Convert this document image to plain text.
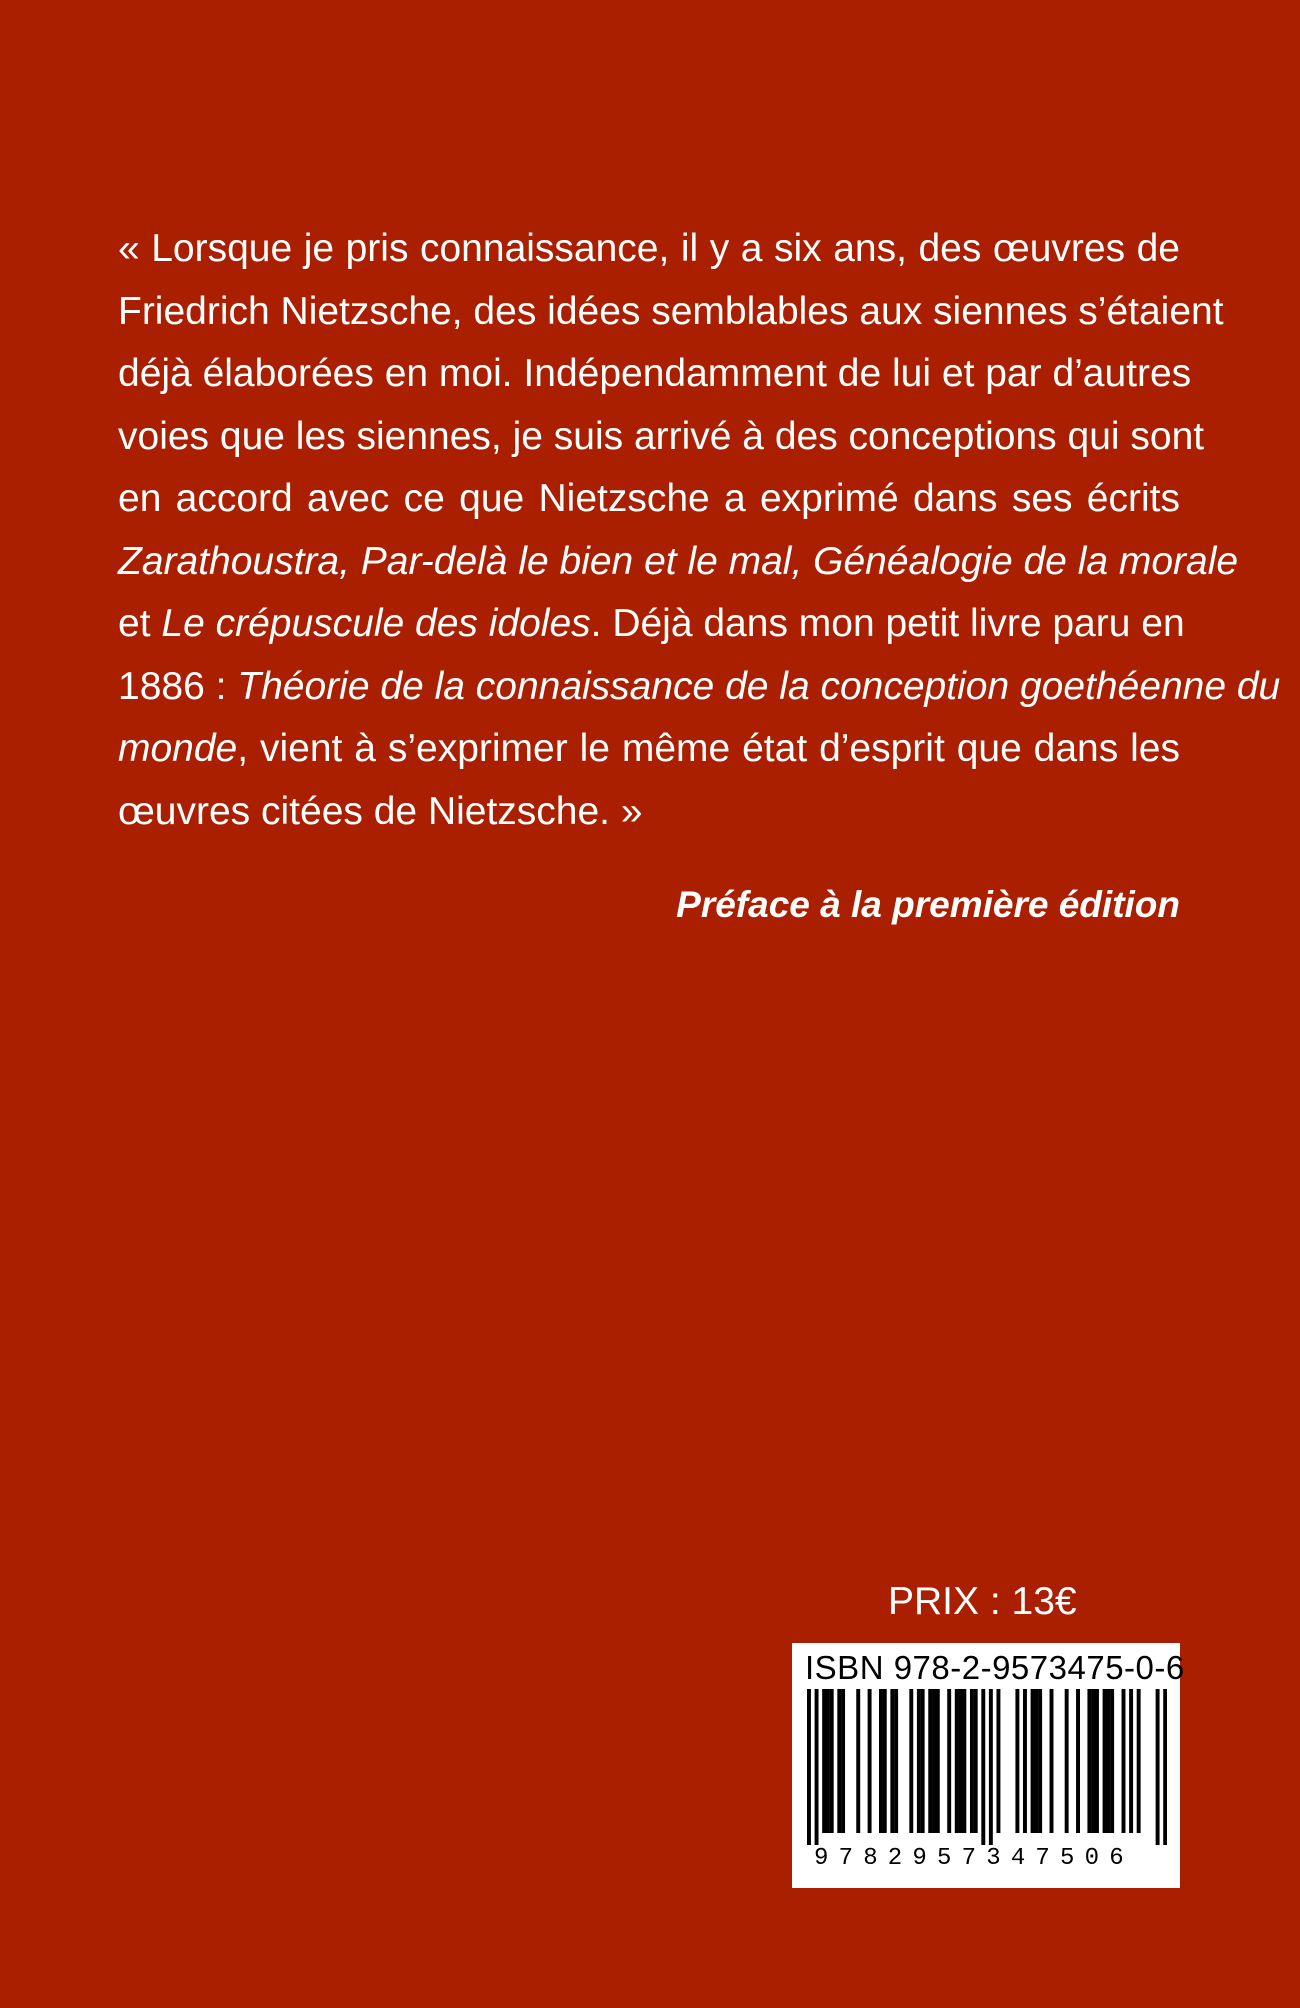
« Lorsque je pris connaissance, il y a six ans, des œuvres de
Friedrich Nietzsche, des idées semblables aux siennes s’étaient
déjà élaborées en moi. Indépendamment de lui et par d’autres
voies que les siennes, je suis arrivé à des conceptions qui sont
en accord avec ce que Nietzsche a exprimé dans ses écrits
Zarathoustra, Par-delà le bien et le mal, Généalogie de la morale
et Le crépuscule des idoles. Déjà dans mon petit livre paru en
1886 : Théorie de la connaissance de la conception goethéenne du
monde, vient à s’exprimer le même état d’esprit que dans les
œuvres citées de Nietzsche. »
Préface à la première édition
PRIX : 13€
ISBN 978-2-9573475-0-6
9782957347506
